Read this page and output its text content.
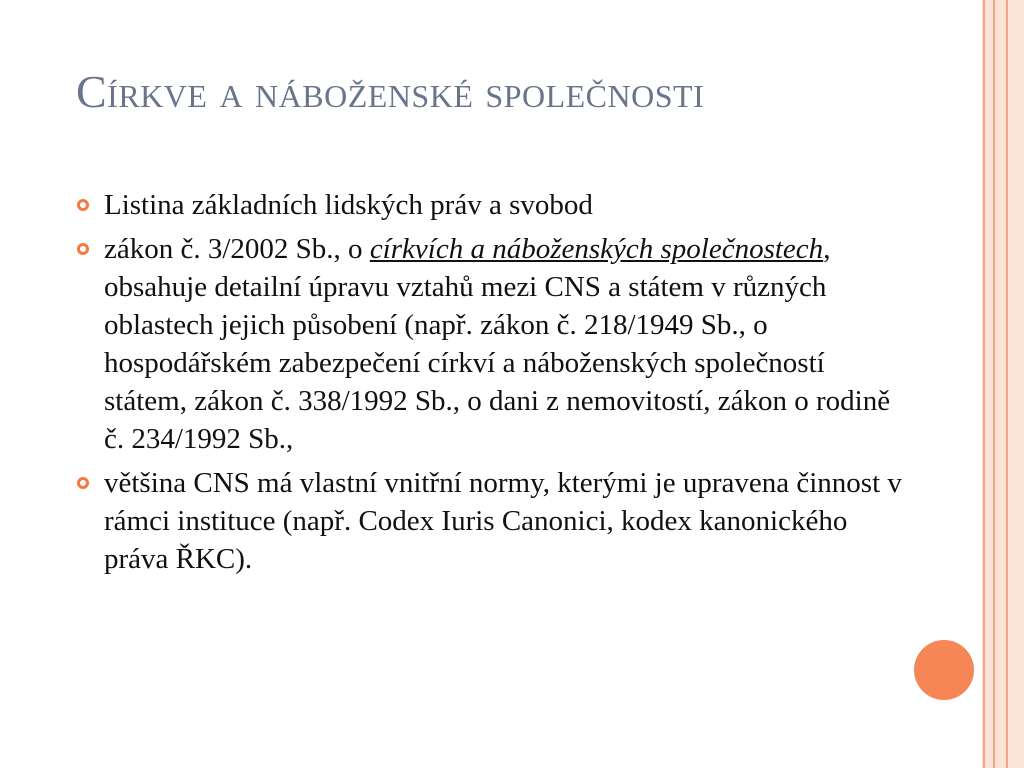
Církve a náboženské společnosti
Listina základních lidských práv a svobod
zákon č. 3/2002 Sb., o církvích a náboženských společnostech, obsahuje detailní úpravu vztahů mezi CNS a státem v různých oblastech jejich působení (např. zákon č. 218/1949 Sb., o hospodářském zabezpečení církví a náboženských společností státem, zákon č. 338/1992 Sb., o dani z nemovitostí, zákon o rodině č. 234/1992 Sb.,
většina CNS má vlastní vnitřní normy, kterými je upravena činnost v rámci instituce (např. Codex Iuris Canonici, kodex kanonického práva ŘKC).
